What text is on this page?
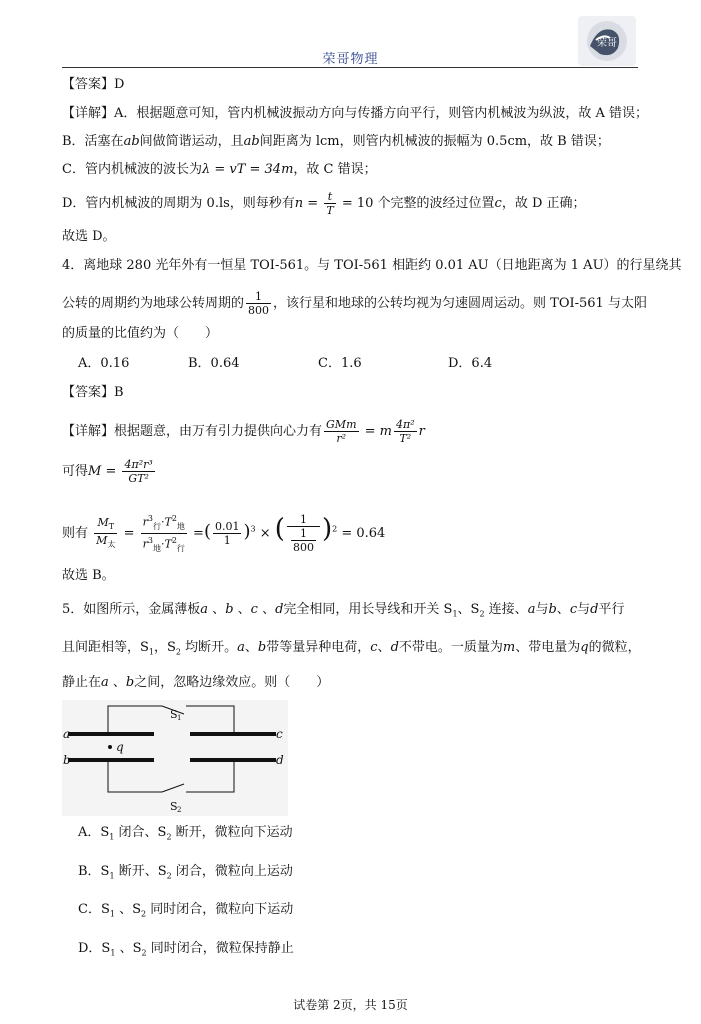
荣哥物理
荣哥
【答案】D
【详解】A．根据题意可知，管内机械波振动方向与传播方向平行，则管内机械波为纵波，故 A 错误；
B．活塞在ab间做简谐运动，且ab间距离为 lcm，则管内机械波的振幅为 0.5cm，故 B 错误；
C．管内机械波的波长为λ = vT = 34m，故 C 错误；
D．管内机械波的周期为 0.ls，则每秒有$n = \frac{t}{T} = 10$ 个完整的波经过位置c，故 D 正确；
故选 D。
4．离地球 280 光年外有一恒星 TOI-561。与 TOI-561 相距约 0.01 AU（日地距离为 1 AU）的行星绕其
公转的周期约为地球公转周期的 $\frac{1}{800}$ ，该行星和地球的公转均视为匀速圆周运动。则 TOI-561 与太阳
的质量的比值约为（　　）
A．0.16	B．0.64	C．1.6	D．6.4
【答案】B
【详解】根据题意，由万有引力提供向心力有 $\frac{\text{GMm}}{\text{r²}} = m \frac{\text{4π²}}{\text{T²}}$ r
可得$M = \frac{\text{4π²r³}}{\text{GT²}}$
则有 $\frac{M_T}{M_太} = \frac{r^3_行\cdot T^2_地}{r^3_地\cdot T^2_行}$ =( $\frac{0.01}{1} )^3$ × ( $\frac{1}{\frac{1}{800}} )^2 = 0.64$
故选 B。
5．如图所示，金属薄板a 、b 、c 、d完全相同，用长导线和开关 $S_1$、$S_2$ 连接、a与b、c与d平行
且间距相等，$S_1$，$S_2$ 均断开。a、b带等量异种电荷，c、d不带电。一质量为m、带电量为q的微粒，
静止在a 、b之间，忽略边缘效应。则（　　）
a
b
c
d
q
S 1
S 2
A．$S_1$ 闭合、$S_2$ 断开，微粒向下运动
B．$S_1$ 断开、$S_2$ 闭合，微粒向上运动
C．$S_1$ 、$S_2$ 同时闭合，微粒向下运动
D．$S_1$ 、$S_2$ 同时闭合，微粒保持静止
试卷第 2页，共 15页
